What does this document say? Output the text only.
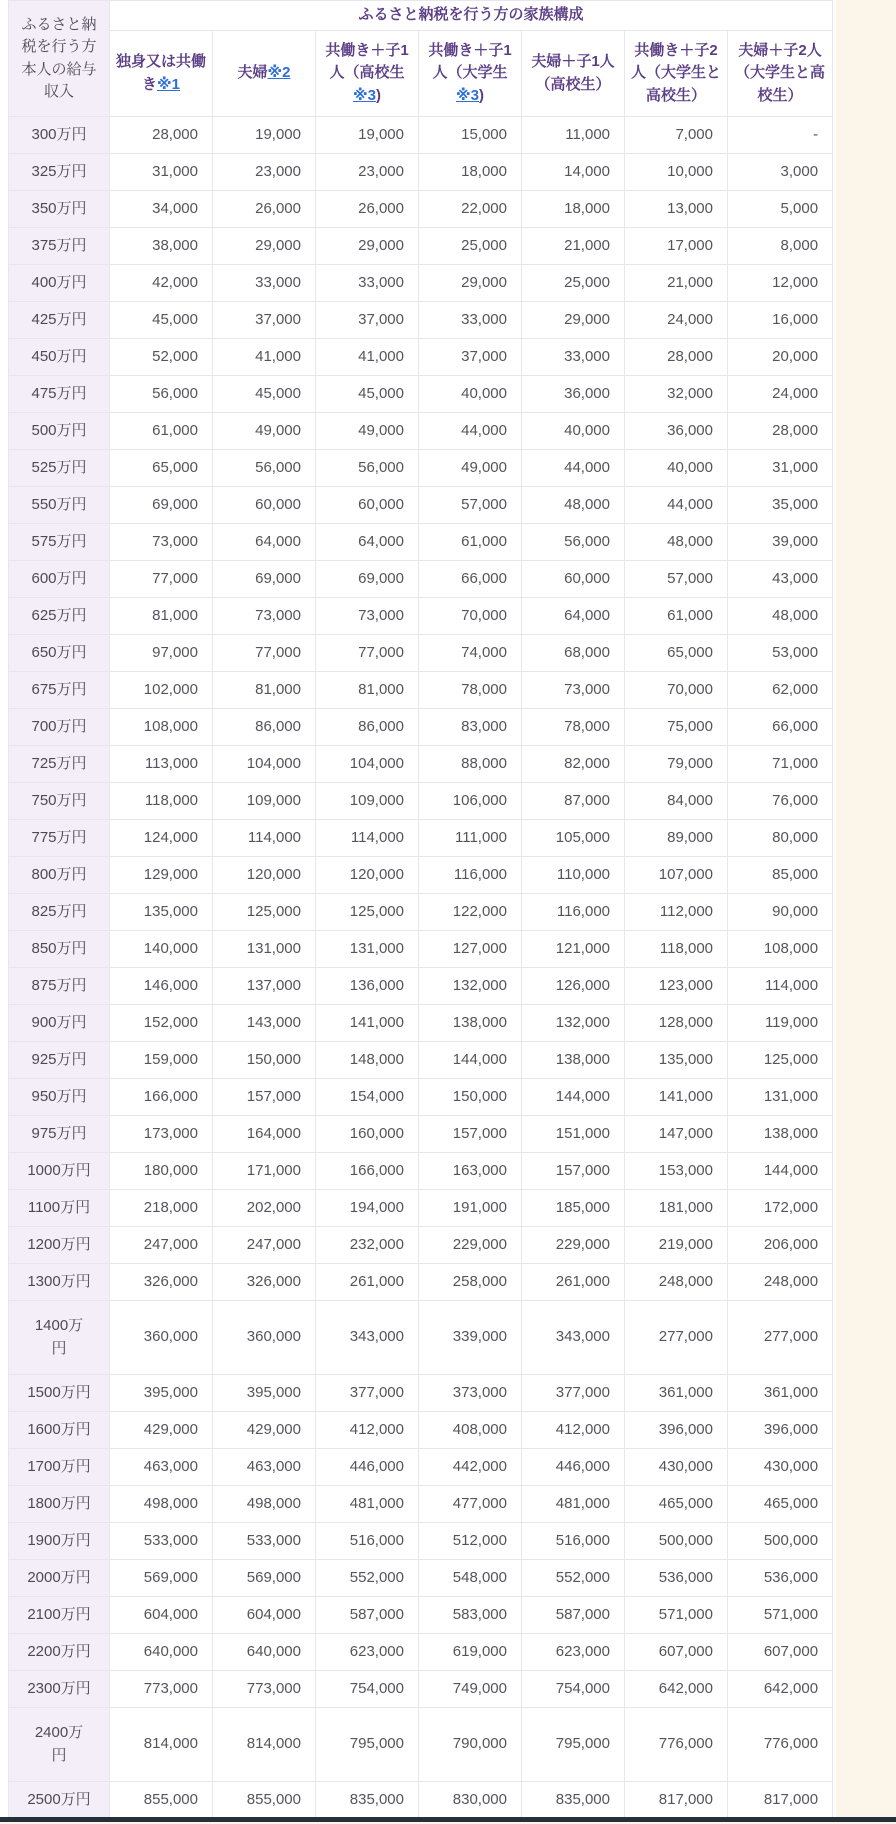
ふるさと納税を行う方本人の給与収入	ふるさと納税を行う方の家族構成						
	独身又は共働き※1	夫婦※2	共働き＋子1人（高校生※3)	共働き＋子1人（大学生※3)	夫婦＋子1人（高校生）	共働き＋子2人（大学生と高校生）	夫婦＋子2人（大学生と高校生）
300万円	28,000	19,000	19,000	15,000	11,000	7,000	-
325万円	31,000	23,000	23,000	18,000	14,000	10,000	3,000
350万円	34,000	26,000	26,000	22,000	18,000	13,000	5,000
375万円	38,000	29,000	29,000	25,000	21,000	17,000	8,000
400万円	42,000	33,000	33,000	29,000	25,000	21,000	12,000
425万円	45,000	37,000	37,000	33,000	29,000	24,000	16,000
450万円	52,000	41,000	41,000	37,000	33,000	28,000	20,000
475万円	56,000	45,000	45,000	40,000	36,000	32,000	24,000
500万円	61,000	49,000	49,000	44,000	40,000	36,000	28,000
525万円	65,000	56,000	56,000	49,000	44,000	40,000	31,000
550万円	69,000	60,000	60,000	57,000	48,000	44,000	35,000
575万円	73,000	64,000	64,000	61,000	56,000	48,000	39,000
600万円	77,000	69,000	69,000	66,000	60,000	57,000	43,000
625万円	81,000	73,000	73,000	70,000	64,000	61,000	48,000
650万円	97,000	77,000	77,000	74,000	68,000	65,000	53,000
675万円	102,000	81,000	81,000	78,000	73,000	70,000	62,000
700万円	108,000	86,000	86,000	83,000	78,000	75,000	66,000
725万円	113,000	104,000	104,000	88,000	82,000	79,000	71,000
750万円	118,000	109,000	109,000	106,000	87,000	84,000	76,000
775万円	124,000	114,000	114,000	111,000	105,000	89,000	80,000
800万円	129,000	120,000	120,000	116,000	110,000	107,000	85,000
825万円	135,000	125,000	125,000	122,000	116,000	112,000	90,000
850万円	140,000	131,000	131,000	127,000	121,000	118,000	108,000
875万円	146,000	137,000	136,000	132,000	126,000	123,000	114,000
900万円	152,000	143,000	141,000	138,000	132,000	128,000	119,000
925万円	159,000	150,000	148,000	144,000	138,000	135,000	125,000
950万円	166,000	157,000	154,000	150,000	144,000	141,000	131,000
975万円	173,000	164,000	160,000	157,000	151,000	147,000	138,000
1000万円	180,000	171,000	166,000	163,000	157,000	153,000	144,000
1100万円	218,000	202,000	194,000	191,000	185,000	181,000	172,000
1200万円	247,000	247,000	232,000	229,000	229,000	219,000	206,000
1300万円	326,000	326,000	261,000	258,000	261,000	248,000	248,000
1400万
円	360,000	360,000	343,000	339,000	343,000	277,000	277,000
1500万円	395,000	395,000	377,000	373,000	377,000	361,000	361,000
1600万円	429,000	429,000	412,000	408,000	412,000	396,000	396,000
1700万円	463,000	463,000	446,000	442,000	446,000	430,000	430,000
1800万円	498,000	498,000	481,000	477,000	481,000	465,000	465,000
1900万円	533,000	533,000	516,000	512,000	516,000	500,000	500,000
2000万円	569,000	569,000	552,000	548,000	552,000	536,000	536,000
2100万円	604,000	604,000	587,000	583,000	587,000	571,000	571,000
2200万円	640,000	640,000	623,000	619,000	623,000	607,000	607,000
2300万円	773,000	773,000	754,000	749,000	754,000	642,000	642,000
2400万
円	814,000	814,000	795,000	790,000	795,000	776,000	776,000
2500万円	855,000	855,000	835,000	830,000	835,000	817,000	817,000
